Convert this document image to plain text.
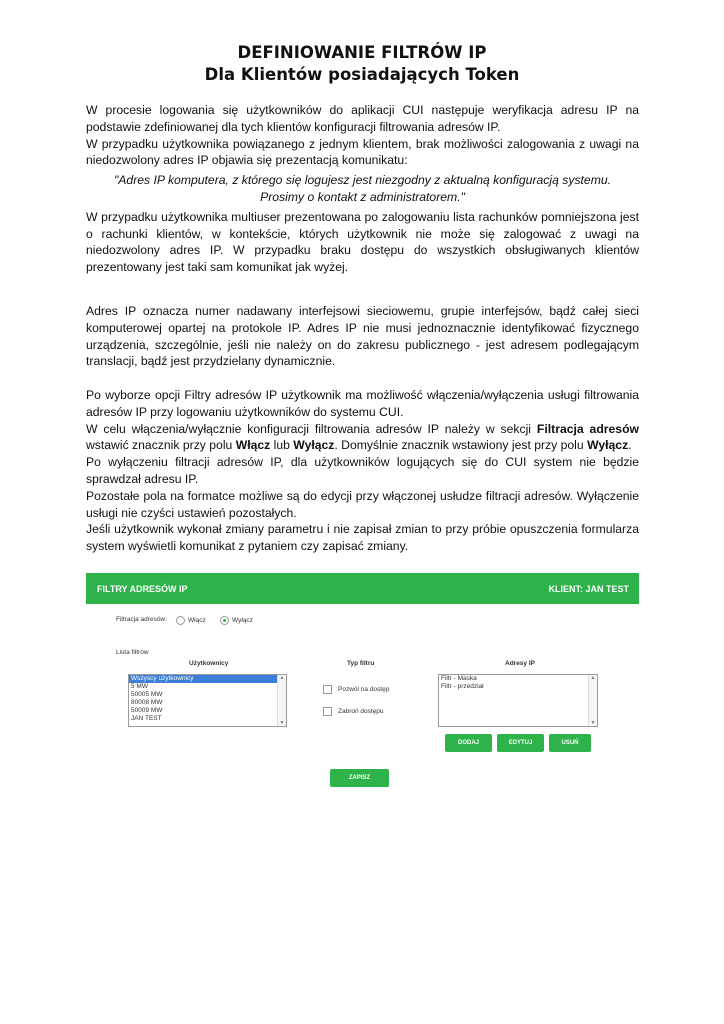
DEFINIOWANIE FILTRÓW IP
Dla Klientów posiadających Token

W procesie logowania się użytkowników do aplikacji CUI następuje weryfikacja adresu IP na podstawie zdefiniowanej dla tych klientów konfiguracji filtrowania adresów IP.

W przypadku użytkownika powiązanego z jednym klientem, brak możliwości zalogowania z uwagi na niedozwolony adres IP objawia się prezentacją komunikatu:

"Adres IP komputera, z którego się logujesz jest niezgodny z aktualną konfiguracją systemu. Prosimy o kontakt z administratorem."

W przypadku użytkownika multiuser prezentowana po zalogowaniu lista rachunków pomniejszona jest o rachunki klientów, w kontekście, których użytkownik nie może się zalogować z uwagi na niedozwolony adres IP. W przypadku braku dostępu do wszystkich obsługiwanych klientów prezentowany jest taki sam komunikat jak wyżej.

Adres IP oznacza numer nadawany interfejsowi sieciowemu, grupie interfejsów, bądź całej sieci komputerowej opartej na protokole IP. Adres IP nie musi jednoznacznie identyfikować fizycznego urządzenia, szczególnie, jeśli nie należy on do zakresu publicznego - jest adresem podlegającym translacji, bądź jest przydzielany dynamicznie.

Po wyborze opcji Filtry adresów IP użytkownik ma możliwość włączenia/wyłączenia usługi filtrowania adresów IP przy logowaniu użytkowników do systemu CUI.

W celu włączenia/wyłącznie konfiguracji filtrowania adresów IP należy w sekcji Filtracja adresów wstawić znacznik przy polu Włącz lub Wyłącz. Domyślnie znacznik wstawiony jest przy polu Wyłącz.

Po wyłączeniu filtracji adresów IP, dla użytkowników logujących się do CUI system nie będzie sprawdzał adresu IP.

Pozostałe pola na formatce możliwe są do edycji przy włączonej usłudze filtracji adresów. Wyłączenie usługi nie czyści ustawień pozostałych.

Jeśli użytkownik wykonał zmiany parametru i nie zapisał zmian to przy próbie opuszczenia formularza system wyświetli komunikat z pytaniem czy zapisać zmiany.

FILTRY ADRESÓW IP	KLIENT: JAN TEST
Filtracja adresów:	Włącz	Wyłącz
Lista filtrów
Użytkownicy	Typ filtru	Adresy IP
Wszyscy użytkownicy
5 MW
50005 MW
80008 MW
50009 MW
JAN TEST
▲
▼
Pozwól na dostęp
Zabroń dostępu
Filtr - Maska
Filtr - przedział
▲
▼
DODAJ	EDYTUJ	USUŃ
ZAPISZ
